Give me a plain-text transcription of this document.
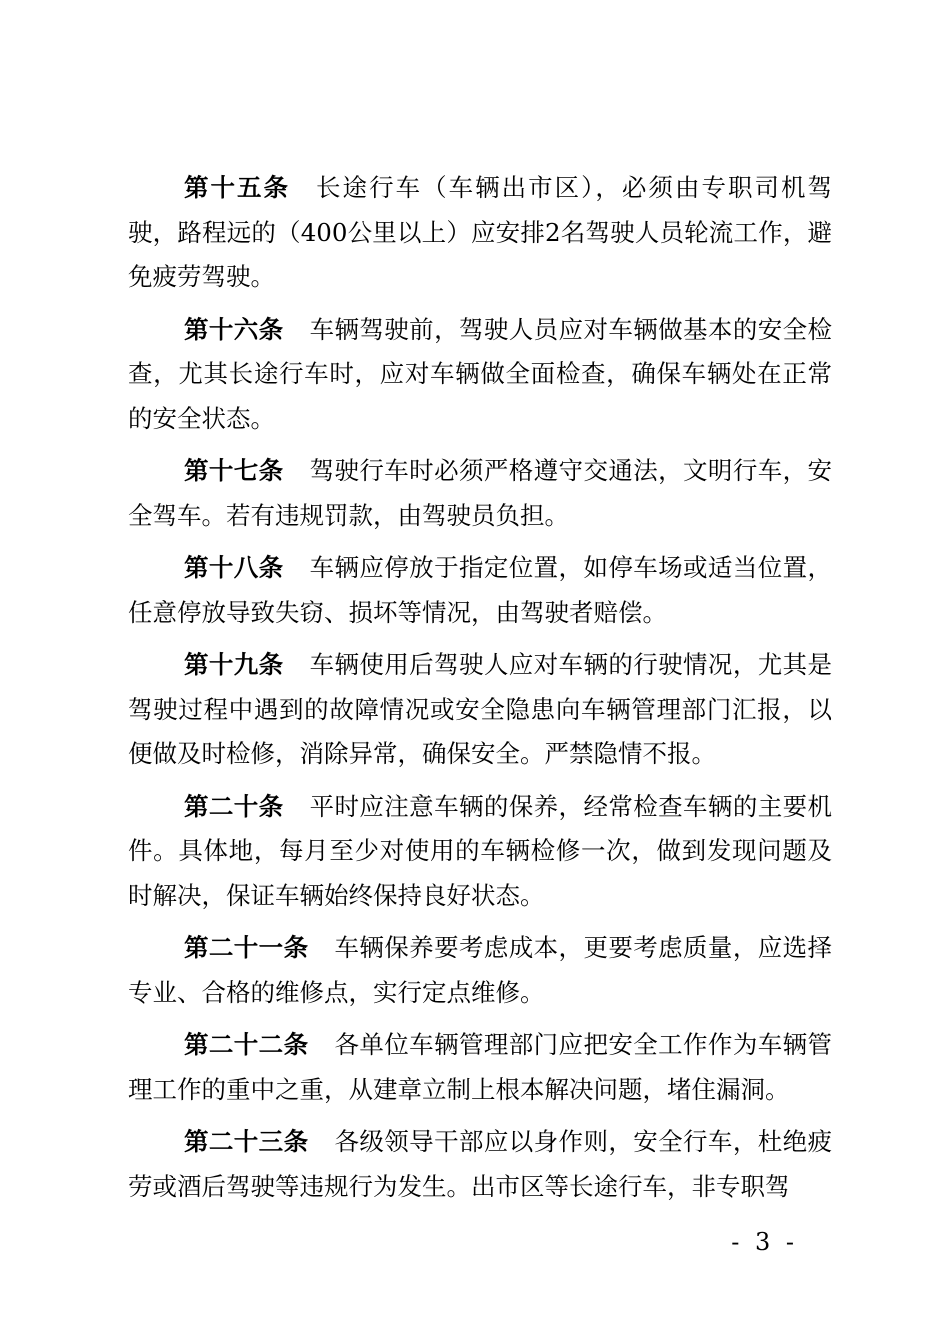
第十五条 长途行车（车辆出市区），必须由专职司机驾驶，路程远的（400公里以上）应安排2名驾驶人员轮流工作，避免疲劳驾驶。

第十六条 车辆驾驶前，驾驶人员应对车辆做基本的安全检查，尤其长途行车时，应对车辆做全面检查，确保车辆处在正常的安全状态。

第十七条 驾驶行车时必须严格遵守交通法，文明行车，安全驾车。若有违规罚款，由驾驶员负担。

第十八条 车辆应停放于指定位置，如停车场或适当位置，任意停放导致失窃、损坏等情况，由驾驶者赔偿。

第十九条 车辆使用后驾驶人应对车辆的行驶情况，尤其是驾驶过程中遇到的故障情况或安全隐患向车辆管理部门汇报，以便做及时检修，消除异常，确保安全。严禁隐情不报。

第二十条 平时应注意车辆的保养，经常检查车辆的主要机件。具体地，每月至少对使用的车辆检修一次，做到发现问题及时解决，保证车辆始终保持良好状态。

第二十一条 车辆保养要考虑成本，更要考虑质量，应选择专业、合格的维修点，实行定点维修。

第二十二条 各单位车辆管理部门应把安全工作作为车辆管理工作的重中之重，从建章立制上根本解决问题，堵住漏洞。

第二十三条 各级领导干部应以身作则，安全行车，杜绝疲劳或酒后驾驶等违规行为发生。出市区等长途行车，非专职驾

- 3 -
